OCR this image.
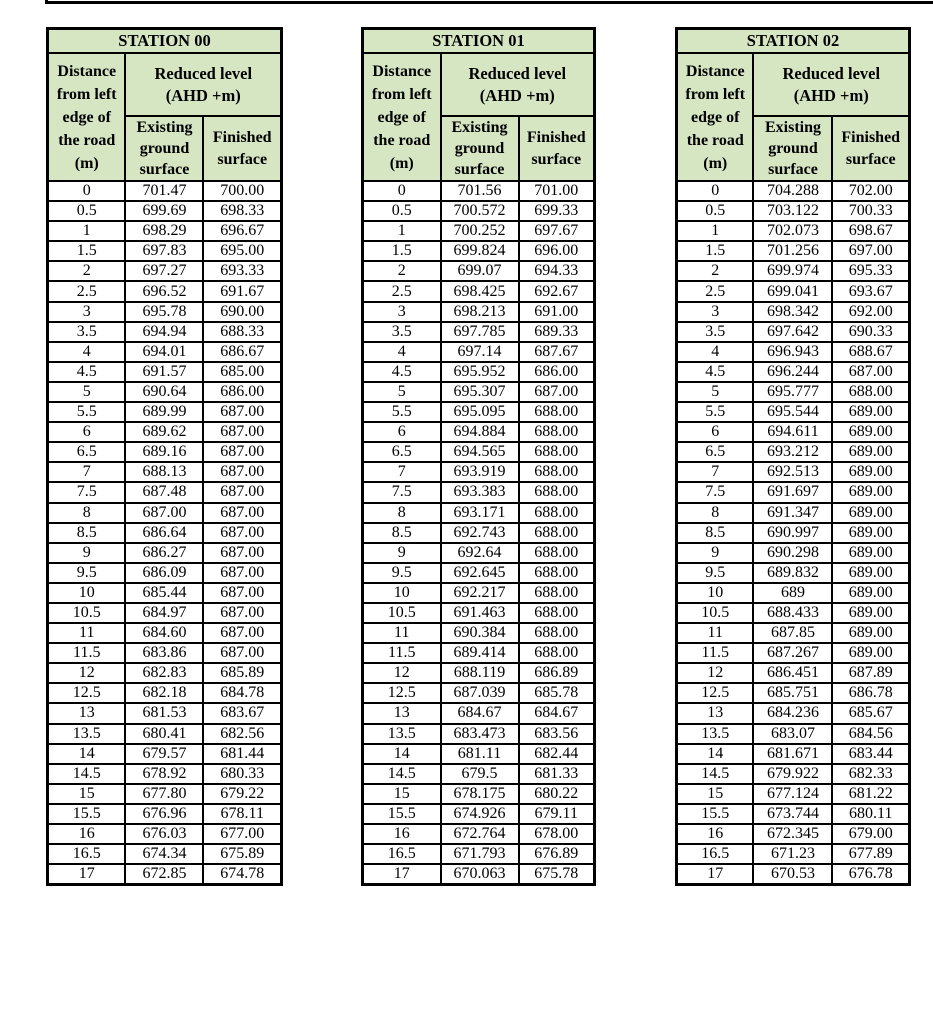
STATION 00		
Distance
from left
edge of
the road
(m)	Reduced level
(AHD +m)	
	Existing
ground
surface	Finished
surface
0	701.47	700.00
0.5	699.69	698.33
1	698.29	696.67
1.5	697.83	695.00
2	697.27	693.33
2.5	696.52	691.67
3	695.78	690.00
3.5	694.94	688.33
4	694.01	686.67
4.5	691.57	685.00
5	690.64	686.00
5.5	689.99	687.00
6	689.62	687.00
6.5	689.16	687.00
7	688.13	687.00
7.5	687.48	687.00
8	687.00	687.00
8.5	686.64	687.00
9	686.27	687.00
9.5	686.09	687.00
10	685.44	687.00
10.5	684.97	687.00
11	684.60	687.00
11.5	683.86	687.00
12	682.83	685.89
12.5	682.18	684.78
13	681.53	683.67
13.5	680.41	682.56
14	679.57	681.44
14.5	678.92	680.33
15	677.80	679.22
15.5	676.96	678.11
16	676.03	677.00
16.5	674.34	675.89
17	672.85	674.78
STATION 01		
Distance
from left
edge of
the road
(m)	Reduced level
(AHD +m)	
	Existing
ground
surface	Finished
surface
0	701.56	701.00
0.5	700.572	699.33
1	700.252	697.67
1.5	699.824	696.00
2	699.07	694.33
2.5	698.425	692.67
3	698.213	691.00
3.5	697.785	689.33
4	697.14	687.67
4.5	695.952	686.00
5	695.307	687.00
5.5	695.095	688.00
6	694.884	688.00
6.5	694.565	688.00
7	693.919	688.00
7.5	693.383	688.00
8	693.171	688.00
8.5	692.743	688.00
9	692.64	688.00
9.5	692.645	688.00
10	692.217	688.00
10.5	691.463	688.00
11	690.384	688.00
11.5	689.414	688.00
12	688.119	686.89
12.5	687.039	685.78
13	684.67	684.67
13.5	683.473	683.56
14	681.11	682.44
14.5	679.5	681.33
15	678.175	680.22
15.5	674.926	679.11
16	672.764	678.00
16.5	671.793	676.89
17	670.063	675.78
STATION 02		
Distance
from left
edge of
the road
(m)	Reduced level
(AHD +m)	
	Existing
ground
surface	Finished
surface
0	704.288	702.00
0.5	703.122	700.33
1	702.073	698.67
1.5	701.256	697.00
2	699.974	695.33
2.5	699.041	693.67
3	698.342	692.00
3.5	697.642	690.33
4	696.943	688.67
4.5	696.244	687.00
5	695.777	688.00
5.5	695.544	689.00
6	694.611	689.00
6.5	693.212	689.00
7	692.513	689.00
7.5	691.697	689.00
8	691.347	689.00
8.5	690.997	689.00
9	690.298	689.00
9.5	689.832	689.00
10	689	689.00
10.5	688.433	689.00
11	687.85	689.00
11.5	687.267	689.00
12	686.451	687.89
12.5	685.751	686.78
13	684.236	685.67
13.5	683.07	684.56
14	681.671	683.44
14.5	679.922	682.33
15	677.124	681.22
15.5	673.744	680.11
16	672.345	679.00
16.5	671.23	677.89
17	670.53	676.78
